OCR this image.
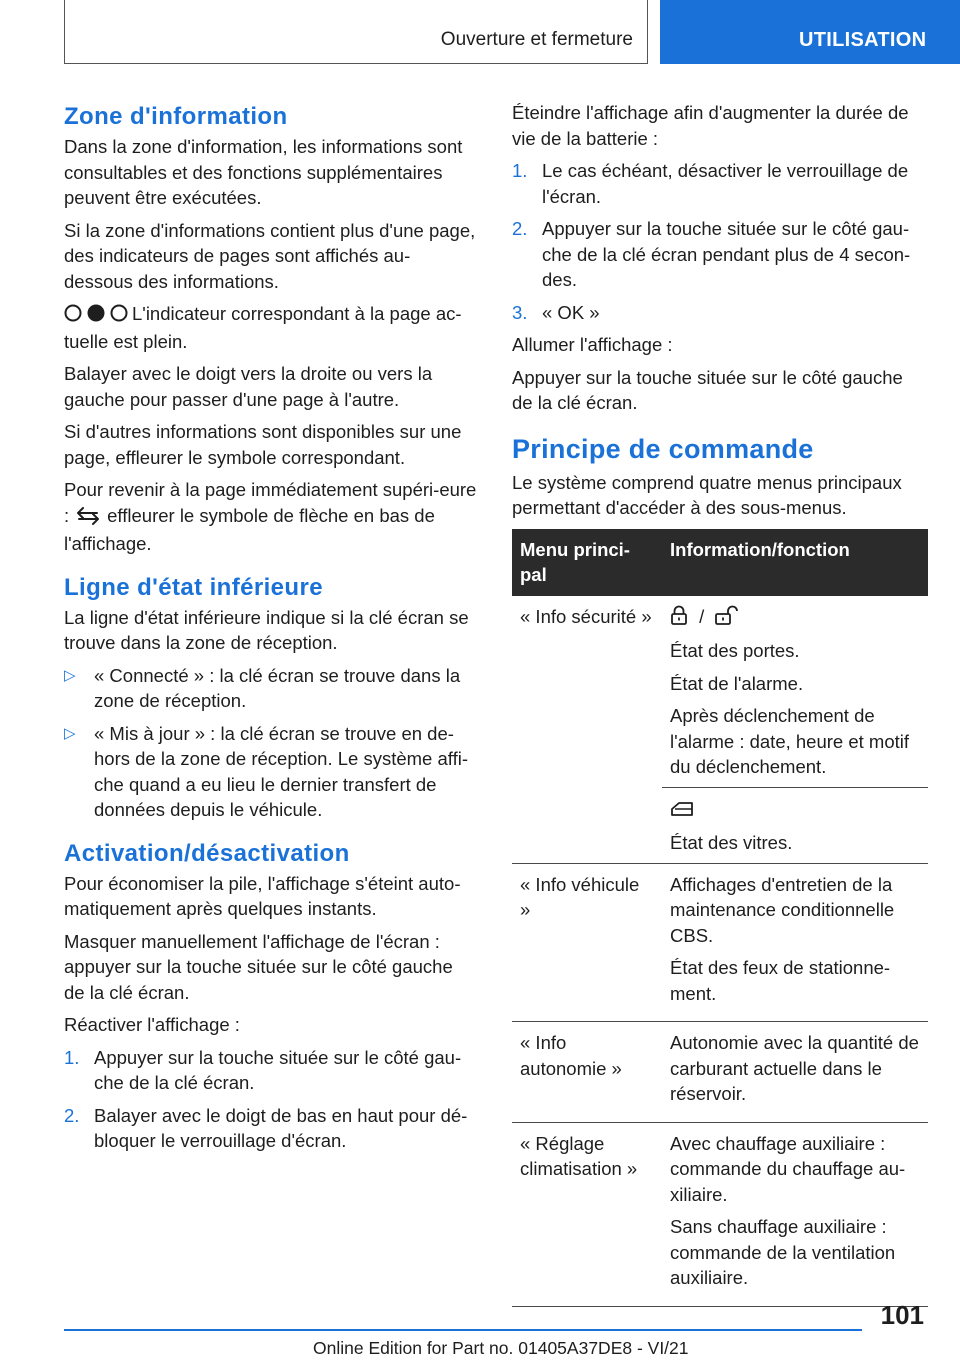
Ouverture et fermeture	UTILISATION
Zone d'information

Dans la zone d'information, les informations sont consultables et des fonctions supplémentaires peuvent être exécutées.

Si la zone d'informations contient plus d'une page, des indicateurs de pages sont affichés au-dessous des informations.

L'indicateur correspondant à la page ac-tuelle est plein.

Balayer avec le doigt vers la droite ou vers la gauche pour passer d'une page à l'autre.

Si d'autres informations sont disponibles sur une page, effleurer le symbole correspondant.

Pour revenir à la page immédiatement supéri-eure : effleurer le symbole de flèche en bas de l'affichage.

Ligne d'état inférieure

La ligne d'état inférieure indique si la clé écran se trouve dans la zone de réception.

▷ « Connecté » : la clé écran se trouve dans la zone de réception.
▷ « Mis à jour » : la clé écran se trouve en de-hors de la zone de réception. Le système affi-che quand a eu lieu le dernier transfert de données depuis le véhicule.
Activation/désactivation

Pour économiser la pile, l'affichage s'éteint auto-matiquement après quelques instants.

Masquer manuellement l'affichage de l'écran : appuyer sur la touche située sur le côté gauche de la clé écran.

Réactiver l'affichage :

1. Appuyer sur la touche située sur le côté gau-che de la clé écran.
2. Balayer avec le doigt de bas en haut pour dé-bloquer le verrouillage d'écran.

Éteindre l'affichage afin d'augmenter la durée de vie de la batterie :

1. Le cas échéant, désactiver le verrouillage de l'écran.
2. Appuyer sur la touche située sur le côté gau-che de la clé écran pendant plus de 4 secon-des.
3. « OK »

Allumer l'affichage :

Appuyer sur la touche située sur le côté gauche de la clé écran.

Principe de commande

Le système comprend quatre menus principaux permettant d'accéder à des sous-menus.

Menu princi-pal	Information/fonction
« Info sécurité »	/

État des portes.

État de l'alarme.

Après déclenchement de l'alarme : date, heure et motif du déclenchement.

État des vitres.

« Info véhicule »	Affichages d'entretien de la maintenance conditionnelle CBS.

État des feux de stationne-ment.

« Info autonomie »	Autonomie avec la quantité de carburant actuelle dans le réservoir.

« Réglage climatisation »	Avec chauffage auxiliaire : commande du chauffage au-xiliaire.

Sans chauffage auxiliaire : commande de la ventilation auxiliaire.

101
Online Edition for Part no. 01405A37DE8 - VI/21
